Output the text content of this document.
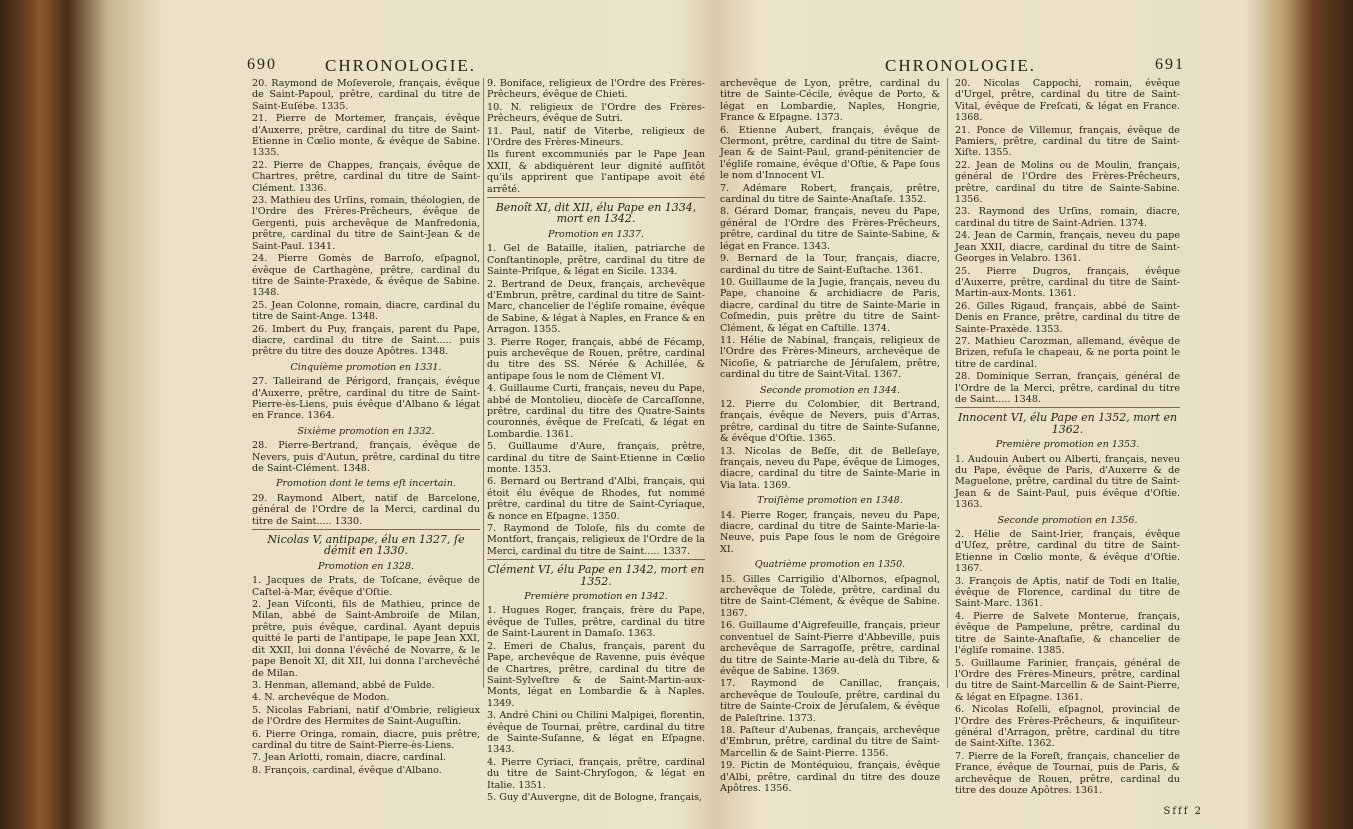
690	CHRONOLOGIE.

20. Raymond de Moſeverole, français, évêque de Saint-Papoul, prêtre, cardinal du titre de Saint-Euſébe. 1335.

21. Pierre de Mortemer, français, évêque d'Auxerre, prêtre, cardinal du titre de Saint-Etienne in Cœlio monte, & évêque de Sabine. 1335.

22. Pierre de Chappes, français, évêque de Chartres, prêtre, cardinal du titre de Saint-Clément. 1336.

23. Mathieu des Urſins, romain, théologien, de l'Ordre des Frères-Prêcheurs, évêque de Gergenti, puis archevêque de Manfredonia, prêtre, cardinal du titre de Saint-Jean & de Saint-Paul. 1341.

24. Pierre Gomès de Barroſo, eſpagnol, évêque de Carthagène, prêtre, cardinal du titre de Sainte-Praxède, & évêque de Sabine. 1348.

25. Jean Colonne, romain, diacre, cardinal du titre de Saint-Ange. 1348.

26. Imbert du Puy, français, parent du Pape, diacre, cardinal du titre de Saint..... puis prêtre du titre des douze Apôtres. 1348.

Cinquième promotion en 1331.

27. Talleirand de Périgord, français, évêque d'Auxerre, prêtre, cardinal du titre de Saint-Pierre-ès-Liens, puis évêque d'Albano & légat en France. 1364.

Sixième promotion en 1332.

28. Pierre-Bertrand, français, évêque de Nevers, puis d'Autun, prêtre, cardinal du titre de Saint-Clément. 1348.

Promotion dont le tems eſt incertain.

29. Raymond Albert, natif de Barcelone, général de l'Ordre de la Merci, cardinal du titre de Saint..... 1330.

Nicolas V, antipape, élu en 1327, ſe démit en 1330.
Promotion en 1328.

1. Jacques de Prats, de Toſcane, évêque de Caſtel-à-Mar, évêque d'Oſtie.

2. Jean Viſconti, fils de Mathieu, prince de Milan, abbé de Saint-Ambroiſe de Milan, prêtre, puis évêque, cardinal. Ayant depuis quitté le parti de l'antipape, le pape Jean XXI, dit XXII, lui donna l'évêché de Novarre, & le pape Benoît XI, dit XII, lui donna l'archevêché de Milan.

3. Henman, allemand, abbé de Fulde.

4. N. archevêque de Modon.

5. Nicolas Fabriani, natif d'Ombrie, religieux de l'Ordre des Hermites de Saint-Auguſtin.

6. Pierre Oringa, romain, diacre, puis prêtre, cardinal du titre de Saint-Pierre-ès-Liens.

7. Jean Arlotti, romain, diacre, cardinal.

8. François, cardinal, évêque d'Albano.

9. Boniface, religieux de l'Ordre des Frères-Prêcheurs, évêque de Chieti.

10. N. religieux de l'Ordre des Frères-Prêcheurs, évêque de Sutri.

11. Paul, natif de Viterbe, religieux de l'Ordre des Frères-Mineurs.

Ils furent excommuniés par le Pape Jean XXII, & abdiquèrent leur dignité auſſitôt qu'ils apprirent que l'antipape avoit été arrêté.

Benoît XI, dit XII, élu Pape en 1334, mort en 1342.
Promotion en 1337.

1. Gel de Bataille, italien, patriarche de Conſtantinople, prêtre, cardinal du titre de Sainte-Priſque, & légat en Sicile. 1334.

2. Bertrand de Deux, français, archevêque d'Embrun, prêtre, cardinal du titre de Saint-Marc, chancelier de l'égliſe romaine, évêque de Sabine, & légat à Naples, en France & en Arragon. 1355.

3. Pierre Roger, français, abbé de Fécamp, puis archevêque de Rouen, prêtre, cardinal du titre des SS. Nérée & Achillée, & antipape ſous le nom de Clément VI.

4. Guillaume Curti, français, neveu du Pape, abbé de Montolieu, diocèſe de Carcaſſonne, prêtre, cardinal du titre des Quatre-Saints couronnés, évêque de Freſcati, & légat en Lombardie. 1361.

5. Guillaume d'Aure, français, prêtre, cardinal du titre de Saint-Etienne in Cœlio monte. 1353.

6. Bernard ou Bertrand d'Albi, français, qui étoit élu évêque de Rhodes, fut nommé prêtre, cardinal du titre de Saint-Cyriaque, & nonce en Eſpagne. 1350.

7. Raymond de Toloſe, fils du comte de Montfort, français, religieux de l'Ordre de la Merci, cardinal du titre de Saint..... 1337.

Clément VI, élu Pape en 1342, mort en 1352.
Première promotion en 1342.

1. Hugues Roger, français, frère du Pape, évêque de Tulles, prêtre, cardinal du titre de Saint-Laurent in Damaſo. 1363.

2. Emeri de Chalus, français, parent du Pape, archevêque de Ravenne, puis évêque de Chartres, prêtre, cardinal du titre de Saint-Sylveſtre & de Saint-Martin-aux-Monts, légat en Lombardie & à Naples. 1349.

3. André Chini ou Chilini Malpigei, florentin, évêque de Tournai, prêtre, cardinal du titre de Sainte-Suſanne, & légat en Eſpagne. 1343.

4. Pierre Cyriaci, français, prêtre, cardinal du titre de Saint-Chryſogon, & légat en Italie. 1351.

5. Guy d'Auvergne, dit de Bologne, français,

CHRONOLOGIE.	691

archevêque de Lyon, prêtre, cardinal du titre de Sainte-Cécile, évêque de Porto, & légat en Lombardie, Naples, Hongrie, France & Eſpagne. 1373.

6. Etienne Aubert, français, évêque de Clermont, prêtre, cardinal du titre de Saint-Jean & de Saint-Paul, grand-pénitencier de l'égliſe romaine, évêque d'Oſtie, & Pape ſous le nom d'Innocent VI.

7. Adémare Robert, français, prêtre, cardinal du titre de Sainte-Anaſtaſe. 1352.

8. Gérard Domar, français, neveu du Pape, général de l'Ordre des Frères-Prêcheurs, prêtre, cardinal du titre de Sainte-Sabine, & légat en France. 1343.

9. Bernard de la Tour, français, diacre, cardinal du titre de Saint-Euſtache. 1361.

10. Guillaume de la Jugie, français, neveu du Pape, chanoine & archidiacre de Paris, diacre, cardinal du titre de Sainte-Marie in Coſmedin, puis prêtre du titre de Saint-Clément, & légat en Caſtille. 1374.

11. Hélie de Nabinal, français, religieux de l'Ordre des Frères-Mineurs, archevêque de Nicoſie, & patriarche de Jéruſalem, prêtre, cardinal du titre de Saint-Vital. 1367.

Seconde promotion en 1344.

12. Pierre du Colombier, dit Bertrand, français, évêque de Nevers, puis d'Arras, prêtre, cardinal du titre de Sainte-Suſanne, & évêque d'Oſtie. 1365.

13. Nicolas de Beſſe, dit de Belleſaye, français, neveu du Pape, évêque de Limoges, diacre, cardinal du titre de Sainte-Marie in Via lata. 1369.

Troiſième promotion en 1348.

14. Pierre Roger, français, neveu du Pape, diacre, cardinal du titre de Sainte-Marie-la-Neuve, puis Pape ſous le nom de Grégoire XI.

Quatrième promotion en 1350.

15. Gilles Carrigilio d'Albornos, eſpagnol, archevêque de Tolède, prêtre, cardinal du titre de Saint-Clément, & évêque de Sabine. 1367.

16. Guillaume d'Aigrefeuille, français, prieur conventuel de Saint-Pierre d'Abbeville, puis archevêque de Sarragoſſe, prêtre, cardinal du titre de Sainte-Marie au-delà du Tibre, & évêque de Sabine. 1369.

17. Raymond de Canillac, français, archevêque de Toulouſe, prêtre, cardinal du titre de Sainte-Croix de Jéruſalem, & évêque de Paleſtrine. 1373.

18. Paſteur d'Aubenas, français, archevêque d'Embrun, prêtre, cardinal du titre de Saint-Marcellin & de Saint-Pierre. 1356.

19. Pictin de Montéquiou, français, évêque d'Albi, prêtre, cardinal du titre des douze Apôtres. 1356.

20. Nicolas Cappochi, romain, évêque d'Urgel, prêtre, cardinal du titre de Saint-Vital, évêque de Freſcati, & légat en France. 1368.

21. Ponce de Villemur, français, évêque de Pamiers, prêtre, cardinal du titre de Saint-Xiſte. 1355.

22. Jean de Molins ou de Moulin, français, général de l'Ordre des Frères-Prêcheurs, prêtre, cardinal du titre de Sainte-Sabine. 1356.

23. Raymond des Urſins, romain, diacre, cardinal du titre de Saint-Adrien. 1374.

24. Jean de Carmin, français, neveu du pape Jean XXII, diacre, cardinal du titre de Saint-Georges in Velabro. 1361.

25. Pierre Dugros, français, évêque d'Auxerre, prêtre, cardinal du titre de Saint-Martin-aux-Monts. 1361.

26. Gilles Rigaud, français, abbé de Saint-Denis en France, prêtre, cardinal du titre de Sainte-Praxède. 1353.

27. Mathieu Carozman, allemand, évêque de Brizen, refuſa le chapeau, & ne porta point le titre de cardinal.

28. Dominique Serran, français, général de l'Ordre de la Merci, prêtre, cardinal du titre de Saint..... 1348.

Innocent VI, élu Pape en 1352, mort en 1362.
Première promotion en 1353.

1. Audouin Aubert ou Alberti, français, neveu du Pape, évêque de Paris, d'Auxerre & de Maguelone, prêtre, cardinal du titre de Saint-Jean & de Saint-Paul, puis évêque d'Oſtie. 1363.

Seconde promotion en 1356.

2. Hélie de Saint-Irier, français, évêque d'Uſez, prêtre, cardinal du titre de Saint-Etienne in Cœlio monte, & évêque d'Oſtie. 1367.

3. François de Aptis, natif de Todi en Italie, évêque de Florence, cardinal du titre de Saint-Marc. 1361.

4. Pierre de Salvete Monterue, français, évêque de Pampelune, prêtre, cardinal du titre de Sainte-Anaſtaſie, & chancelier de l'égliſe romaine. 1385.

5. Guillaume Farinier, français, général de l'Ordre des Frères-Mineurs, prêtre, cardinal du titre de Saint-Marcellin & de Saint-Pierre, & légat en Eſpagne. 1361.

6. Nicolas Roſelli, eſpagnol, provincial de l'Ordre des Frères-Prêcheurs, & inquiſiteur-général d'Arragon, prêtre, cardinal du titre de Saint-Xiſte. 1362.

7. Pierre de la Foreſt, français, chancelier de France, évêque de Tournai, puis de Paris, & archevêque de Rouen, prêtre, cardinal du titre des douze Apôtres. 1361.

Sfff 2
